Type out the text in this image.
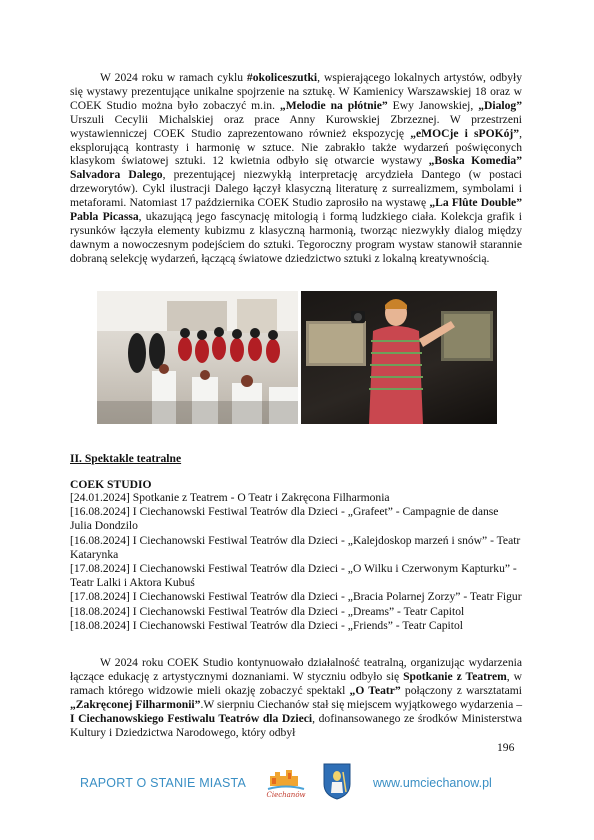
W 2024 roku w ramach cyklu #okoliceszutki, wspierającego lokalnych artystów, odbyły się wystawy prezentujące unikalne spojrzenie na sztukę. W Kamienicy Warszawskiej 18 oraz w COEK Studio można było zobaczyć m.in. „Melodie na płótnie” Ewy Janowskiej, „Dialog” Urszuli Cecylii Michalskiej oraz prace Anny Kurowskiej Zbrzeznej. W przestrzeni wystawienniczej COEK Studio zaprezentowano również ekspozycję „eMOCje i sPOKój”, eksplorującą kontrasty i harmonię w sztuce. Nie zabrakło także wydarzeń poświęconych klasykom światowej sztuki. 12 kwietnia odbyło się otwarcie wystawy „Boska Komedia” Salvadora Dalego, prezentującej niezwykłą interpretację arcydzieła Dantego (w postaci drzeworytów). Cykl ilustracji Dalego łączył klasyczną literaturę z surrealizmem, symbolami i metaforami. Natomiast 17 października COEK Studio zaprosiło na wystawę „La Flûte Double” Pabla Picassa, ukazującą jego fascynację mitologią i formą ludzkiego ciała. Kolekcja grafik i rysunków łączyła elementy kubizmu z klasyczną harmonią, tworząc niezwykły dialog między dawnym a nowoczesnym podejściem do sztuki. Tegoroczny program wystaw stanowił starannie dobraną selekcję wydarzeń, łączącą światowe dziedzictwo sztuki z lokalną kreatywnością.

II. Spektakle teatralne

COEK STUDIO

[24.01.2024] Spotkanie z Teatrem - O Teatr i Zakręcona Filharmonia
[16.08.2024] I Ciechanowski Festiwal Teatrów dla Dzieci - „Grafeet” - Campagnie de danse Julia Dondzilo
[16.08.2024] I Ciechanowski Festiwal Teatrów dla Dzieci - „Kalejdoskop marzeń i snów” - Teatr Katarynka
[17.08.2024] I Ciechanowski Festiwal Teatrów dla Dzieci - „O Wilku i Czerwonym Kapturku” - Teatr Lalki i Aktora Kubuś
[17.08.2024] I Ciechanowski Festiwal Teatrów dla Dzieci - „Bracia Polarnej Zorzy” - Teatr Figur
[18.08.2024] I Ciechanowski Festiwal Teatrów dla Dzieci - „Dreams” - Teatr Capitol
[18.08.2024] I Ciechanowski Festiwal Teatrów dla Dzieci - „Friends” - Teatr Capitol

W 2024 roku COEK Studio kontynuowało działalność teatralną, organizując wydarzenia łączące edukację z artystycznymi doznaniami. W styczniu odbyło się Spotkanie z Teatrem, w ramach którego widzowie mieli okazję zobaczyć spektakl „O Teatr” połączony z warsztatami „Zakręconej Filharmonii”.W sierpniu Ciechanów stał się miejscem wyjątkowego wydarzenia – I Ciechanowskiego Festiwalu Teatrów dla Dzieci, dofinansowanego ze środków Ministerstwa Kultury i Dziedzictwa Narodowego, który odbył

196
RAPORT O STANIE MIASTA
Ciechanów
www.umciechanow.pl
